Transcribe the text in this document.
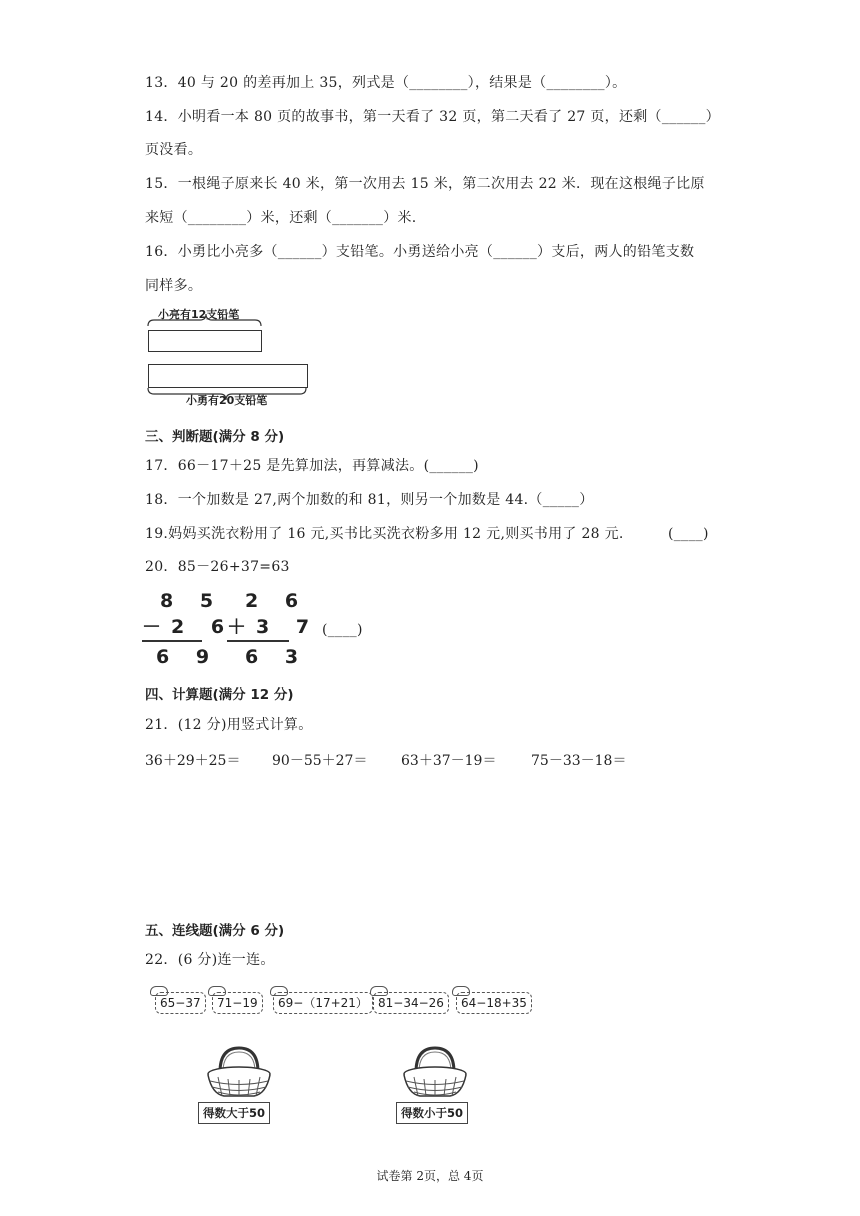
13．40 与 20 的差再加上 35，列式是（________），结果是（________）。
14．小明看一本 80 页的故事书，第一天看了 32 页，第二天看了 27 页，还剩（______）
页没看。
15．一根绳子原来长 40 米，第一次用去 15 米，第二次用去 22 米．现在这根绳子比原
来短（________）米，还剩（_______）米.
16．小勇比小亮多（______）支铅笔。小勇送给小亮（______）支后，两人的铅笔支数
同样多。
小亮有12支铅笔
小勇有20支铅笔
三、判断题(满分 8 分)
17．66－17＋25 是先算加法，再算减法。(______)
18．一个加数是 27,两个加数的和 81，则另一个加数是 44.（_____）
19.妈妈买洗衣粉用了 16 元,买书比买洗衣粉多用 12 元,则买书用了 28 元.	(____)
20．85－26+37=63
8 5
－2 6
6 9
2 6
＋3 7
6 3
(____)
四、计算题(满分 12 分)
21．(12 分)用竖式计算。
36＋29＋25＝ 90－55＋27＝ 63＋37－19＝ 75－33－18＝
五、连线题(满分 6 分)
22．(6 分)连一连。
65−37	71−19	69−（17+21） 81−34−26	64−18+35
得数大于50	得数小于50
试卷第 2页，总 4页
